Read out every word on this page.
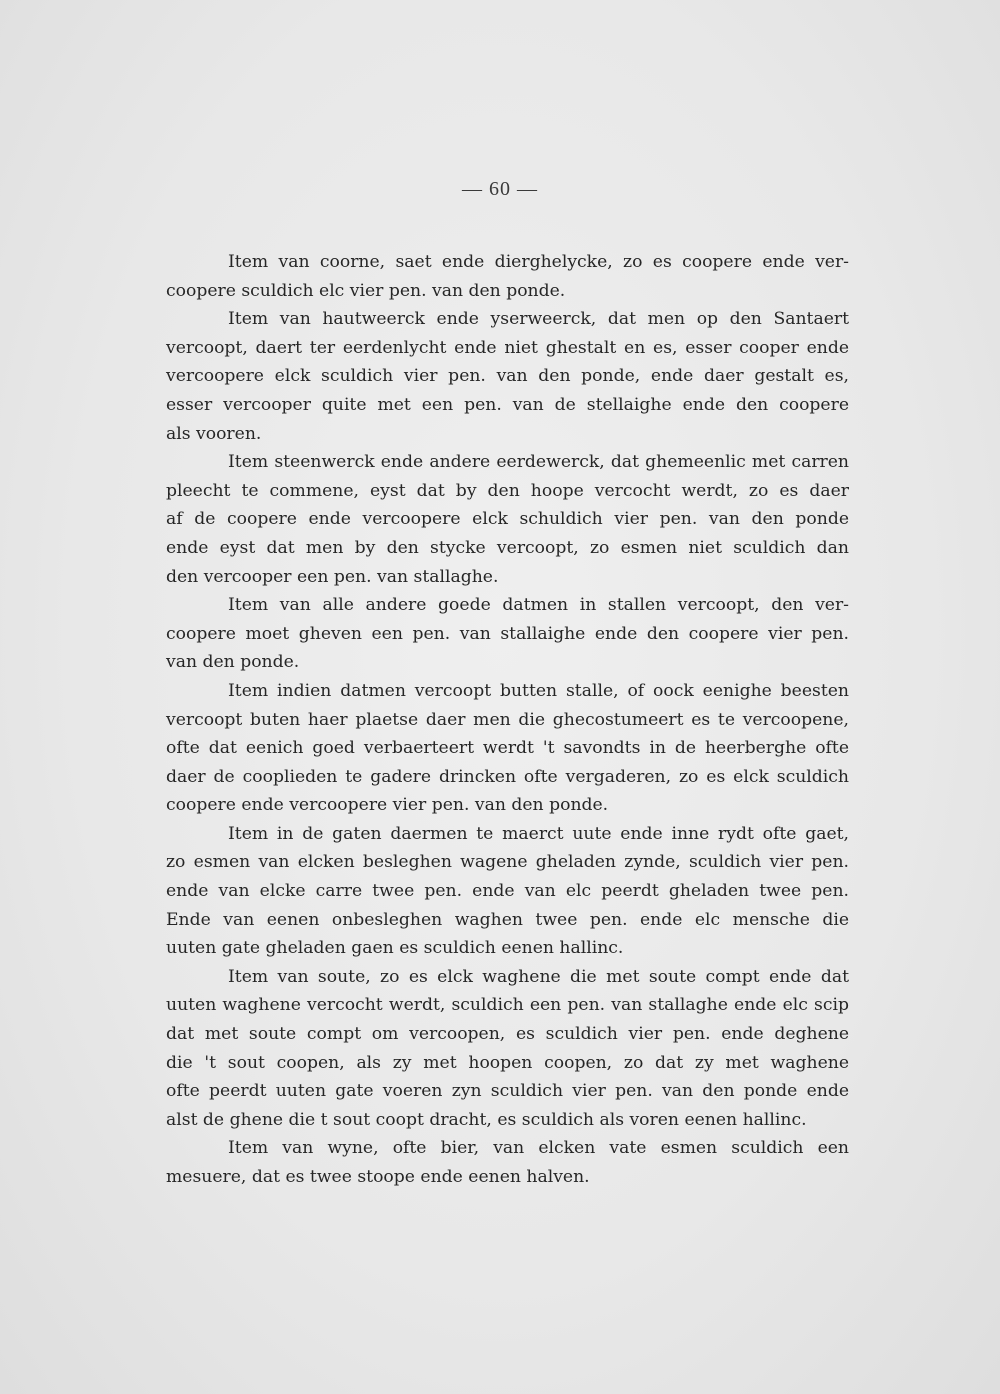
— 60 —
Item van coorne, saet ende dierghelycke, zo es coopere ende ver-
coopere sculdich elc vier pen. van den ponde.
Item van hautweerck ende yserweerck, dat men op den Santaert
vercoopt, daert ter eerdenlycht ende niet ghestalt en es, esser cooper ende
vercoopere elck sculdich vier pen. van den ponde, ende daer gestalt es,
esser vercooper quite met een pen. van de stellaighe ende den coopere
als vooren.
Item steenwerck ende andere eerdewerck, dat ghemeenlic met carren
pleecht te commene, eyst dat by den hoope vercocht werdt, zo es daer
af de coopere ende vercoopere elck schuldich vier pen. van den ponde
ende eyst dat men by den stycke vercoopt, zo esmen niet sculdich dan
den vercooper een pen. van stallaghe.
Item van alle andere goede datmen in stallen vercoopt, den ver-
coopere moet gheven een pen. van stallaighe ende den coopere vier pen.
van den ponde.
Item indien datmen vercoopt butten stalle, of oock eenighe beesten
vercoopt buten haer plaetse daer men die ghecostumeert es te vercoopene,
ofte dat eenich goed verbaerteert werdt 't savondts in de heerberghe ofte
daer de cooplieden te gadere drincken ofte vergaderen, zo es elck sculdich
coopere ende vercoopere vier pen. van den ponde.
Item in de gaten daermen te maerct uute ende inne rydt ofte gaet,
zo esmen van elcken besleghen wagene gheladen zynde, sculdich vier pen.
ende van elcke carre twee pen. ende van elc peerdt gheladen twee pen.
Ende van eenen onbesleghen waghen twee pen. ende elc mensche die
uuten gate gheladen gaen es sculdich eenen hallinc.
Item van soute, zo es elck waghene die met soute compt ende dat
uuten waghene vercocht werdt, sculdich een pen. van stallaghe ende elc scip
dat met soute compt om vercoopen, es sculdich vier pen. ende deghene
die 't sout coopen, als zy met hoopen coopen, zo dat zy met waghene
ofte peerdt uuten gate voeren zyn sculdich vier pen. van den ponde ende
alst de ghene die t sout coopt dracht, es sculdich als voren eenen hallinc.
Item van wyne, ofte bier, van elcken vate esmen sculdich een
mesuere, dat es twee stoope ende eenen halven.
